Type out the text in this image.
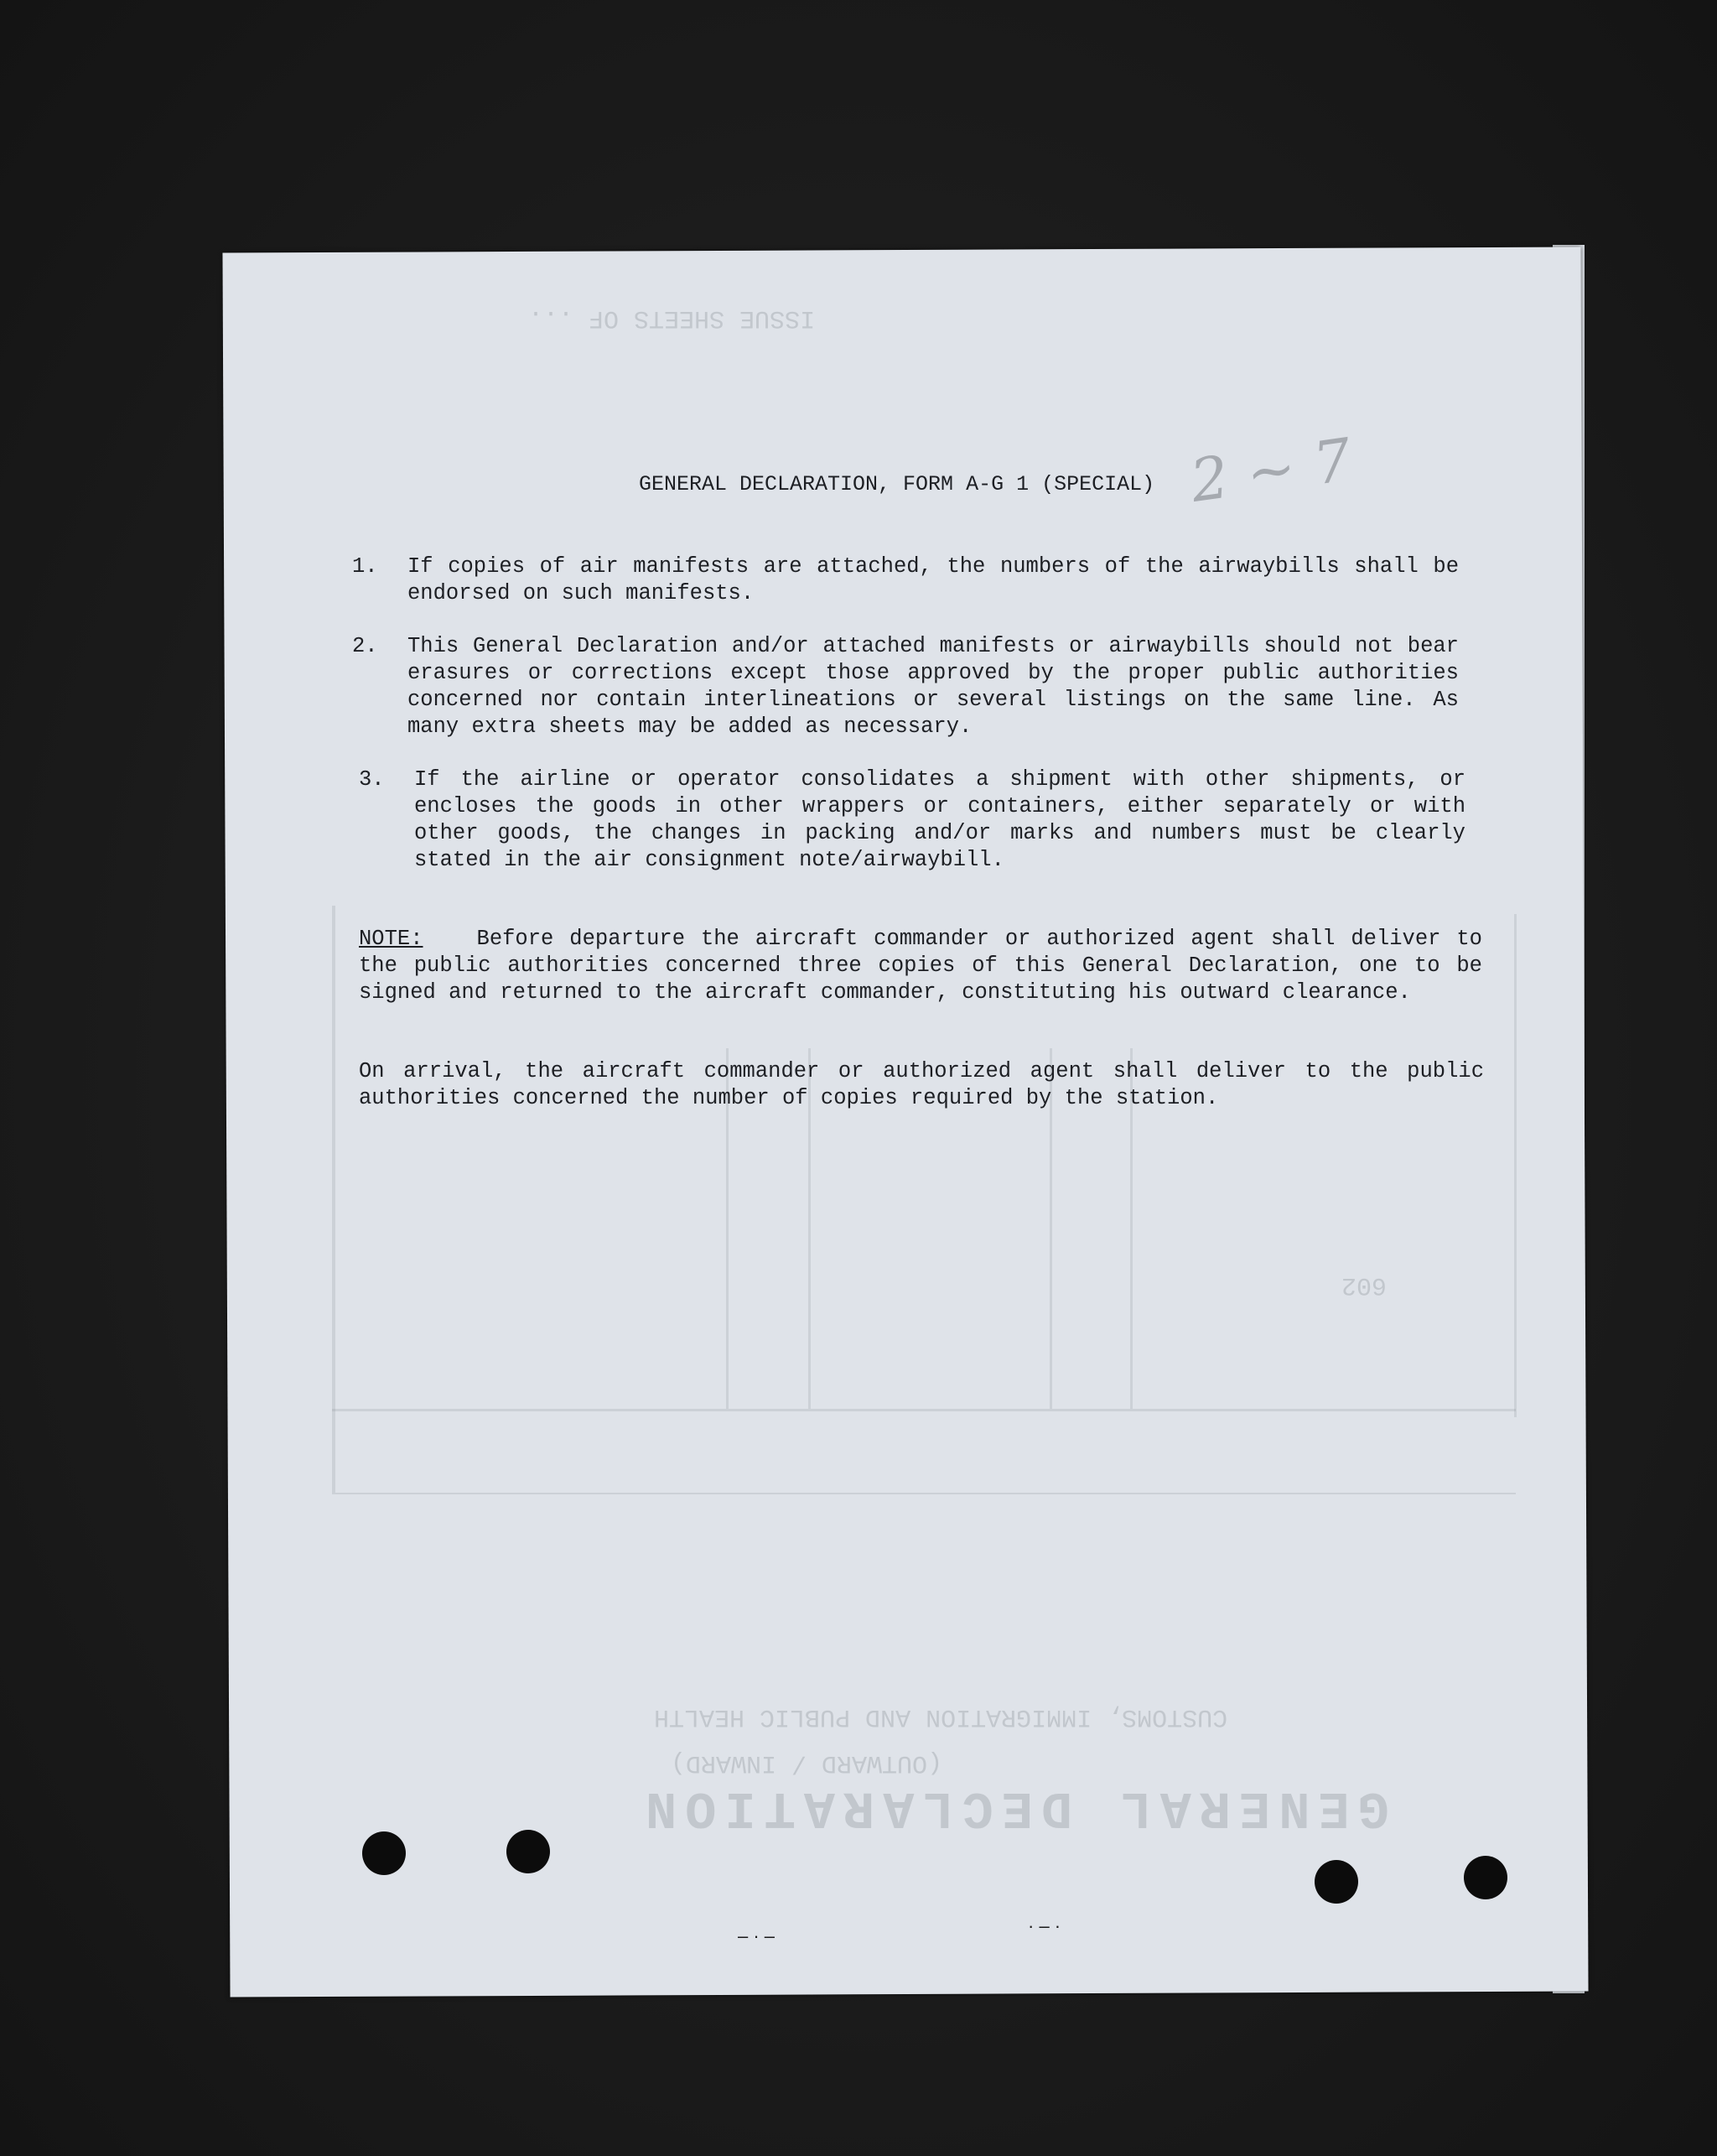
ISSUE SHEETS OF ...
GENERAL DECLARATION
(OUTWARD / INWARD)
CUSTOMS, IMMIGRATION AND PUBLIC HEALTH
602
2 ~ 7
GENERAL DECLARATION, FORM A-G 1 (SPECIAL)
1. If copies of air manifests are attached, the numbers of the airwaybills shall be endorsed on such manifests.
2. This General Declaration and/or attached manifests or airwaybills should not bear erasures or corrections except those approved by the proper public authorities concerned nor contain interlineations or several listings on the same line. As many extra sheets may be added as necessary.
3. If the airline or operator consolidates a shipment with other shipments, or encloses the goods in other wrappers or containers, either separately or with other goods, the changes in packing and/or marks and numbers must be clearly stated in the air consignment note/airwaybill.
NOTE:	Before departure the aircraft commander or authorized agent shall deliver to the public authorities concerned three copies of this General Declaration, one to be signed and returned to the aircraft commander, constituting his outward clearance.
On arrival, the aircraft commander or authorized agent shall deliver to the public authorities concerned the number of copies required by the station.
– · –	· – ·
